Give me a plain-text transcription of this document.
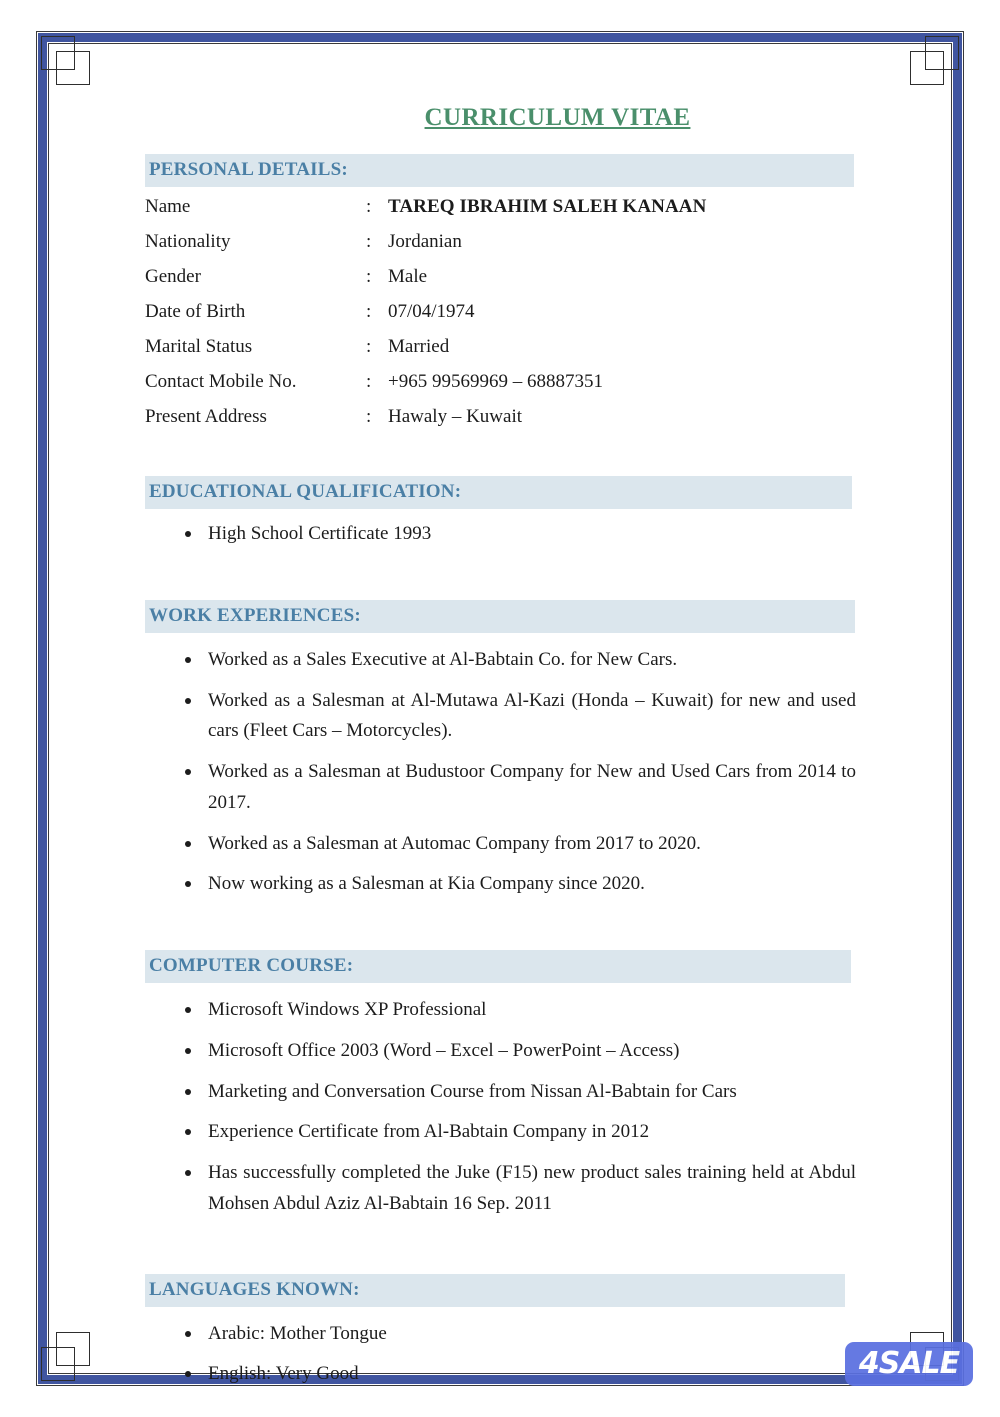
CURRICULUM VITAE
PERSONAL DETAILS:
Name	: TAREQ IBRAHIM SALEH KANAAN
Nationality	: Jordanian
Gender	: Male
Date of Birth	: 07/04/1974
Marital Status	: Married
Contact Mobile No.	: +965 99569969 – 68887351
Present Address	: Hawaly – Kuwait
EDUCATIONAL QUALIFICATION:
High School Certificate 1993
WORK EXPERIENCES:
Worked as a Sales Executive at Al-Babtain Co. for New Cars.
Worked as a Salesman at Al-Mutawa Al-Kazi (Honda – Kuwait) for new and used cars (Fleet Cars – Motorcycles).
Worked as a Salesman at Budustoor Company for New and Used Cars from 2014 to 2017.
Worked as a Salesman at Automac Company from 2017 to 2020.
Now working as a Salesman at Kia Company since 2020.
COMPUTER COURSE:
Microsoft Windows XP Professional
Microsoft Office 2003 (Word – Excel – PowerPoint – Access)
Marketing and Conversation Course from Nissan Al-Babtain for Cars
Experience Certificate from Al-Babtain Company in 2012
Has successfully completed the Juke (F15) new product sales training held at Abdul Mohsen Abdul Aziz Al-Babtain 16 Sep. 2011
LANGUAGES KNOWN:
Arabic: Mother Tongue
English: Very Good	4SALE
